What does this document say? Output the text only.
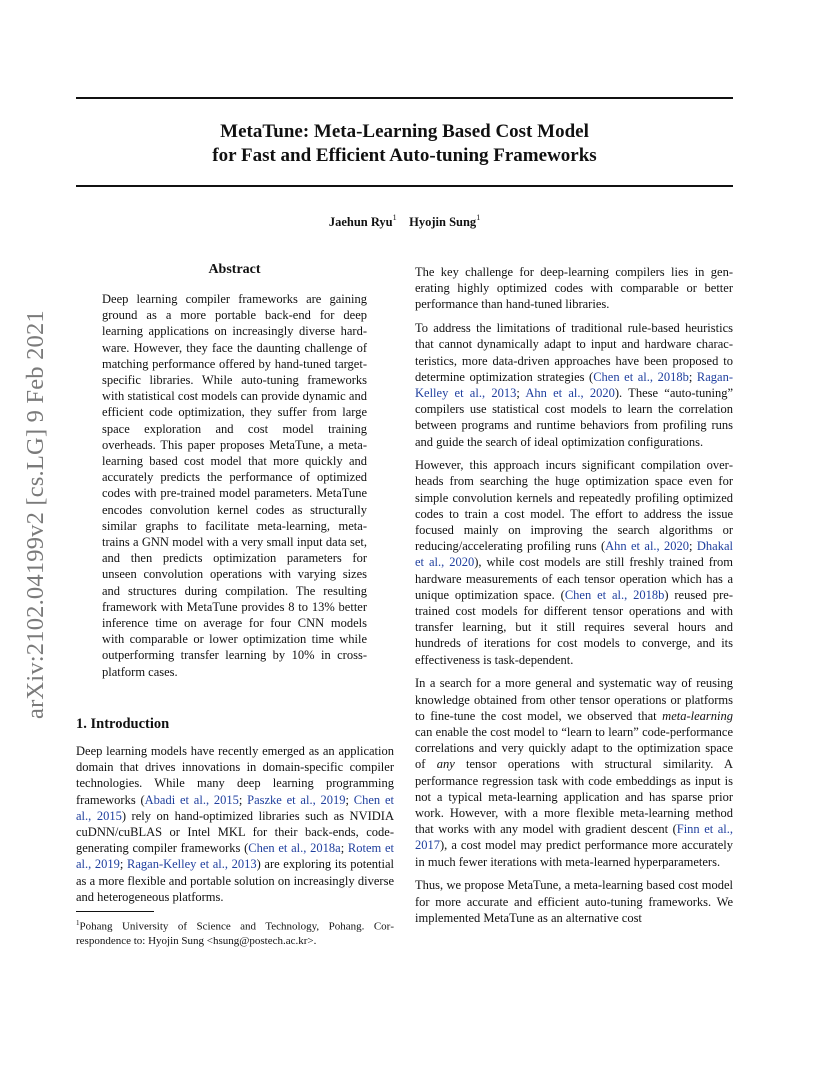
MetaTune: Meta-Learning Based Cost Model
for Fast and Efficient Auto-tuning Frameworks
Jaehun Ryu$^1$ Hyojin Sung$^1$
arXiv:2102.04199v2 [cs.LG] 9 Feb 2021
Abstract
Deep learning compiler frameworks are gaining ground as a more portable back-end for deep learning applications on increasingly diverse hardware. However, they face the daunting challenge of matching performance offered by hand-tuned target-specific libraries. While auto-tuning frameworks with statistical cost models can provide dynamic and efficient code optimization, they suffer from large space exploration and cost model training overheads. This paper proposes MetaTune, a meta-learning based cost model that more quickly and accurately predicts the performance of optimized codes with pre-trained model parameters. MetaTune encodes convolution kernel codes as structurally similar graphs to facilitate meta-learning, meta-trains a GNN model with a very small input data set, and then predicts optimization parameters for unseen convolution operations with varying sizes and structures during compilation. The resulting framework with MetaTune provides 8 to 13% better inference time on average for four CNN models with comparable or lower optimization time while outperforming transfer learning by 10% in cross-platform cases.
1. Introduction
Deep learning models have recently emerged as an application domain that drives innovations in domain-specific compiler technologies. While many deep learning programming frameworks (Abadi et al., 2015; Paszke et al., 2019; Chen et al., 2015) rely on hand-optimized libraries such as NVIDIA cuDNN/cuBLAS or Intel MKL for their back-ends, code-generating compiler frameworks (Chen et al., 2018a; Rotem et al., 2019; Ragan-Kelley et al., 2013) are exploring its potential as a more flexible and portable solution on increasingly diverse and heterogeneous platforms.
$^1$Pohang University of Science and Technology, Pohang. Correspondence to: Hyojin Sung <hsung@postech.ac.kr>.

The key challenge for deep-learning compilers lies in generating highly optimized codes with comparable or better performance than hand-tuned libraries.

To address the limitations of traditional rule-based heuristics that cannot dynamically adapt to input and hardware characteristics, more data-driven approaches have been proposed to determine optimization strategies (Chen et al., 2018b; Ragan-Kelley et al., 2013; Ahn et al., 2020). These “auto-tuning” compilers use statistical cost models to learn the correlation between programs and runtime behaviors from profiling runs and guide the search of ideal optimization configurations.

However, this approach incurs significant compilation overheads from searching the huge optimization space even for simple convolution kernels and repeatedly profiling optimized codes to train a cost model. The effort to address the issue focused mainly on improving the search algorithms or reducing/accelerating profiling runs (Ahn et al., 2020; Dhakal et al., 2020), while cost models are still freshly trained from hardware measurements of each tensor operation which has a unique optimization space. (Chen et al., 2018b) reused pre-trained cost models for different tensor operations and with transfer learning, but it still requires several hours and hundreds of iterations for cost models to converge, and its effectiveness is task-dependent.

In a search for a more general and systematic way of reusing knowledge obtained from other tensor operations or platforms to fine-tune the cost model, we observed that meta-learning can enable the cost model to “learn to learn” code-performance correlations and very quickly adapt to the optimization space of any tensor operations with structural similarity. A performance regression task with code embeddings as input is not a typical meta-learning application and has sparse prior work. However, with a more flexible meta-learning method that works with any model with gradient descent (Finn et al., 2017), a cost model may predict performance more accurately in much fewer iterations with meta-learned hyperparameters.

Thus, we propose MetaTune, a meta-learning based cost model for more accurate and efficient auto-tuning frameworks. We implemented MetaTune as an alternative cost
